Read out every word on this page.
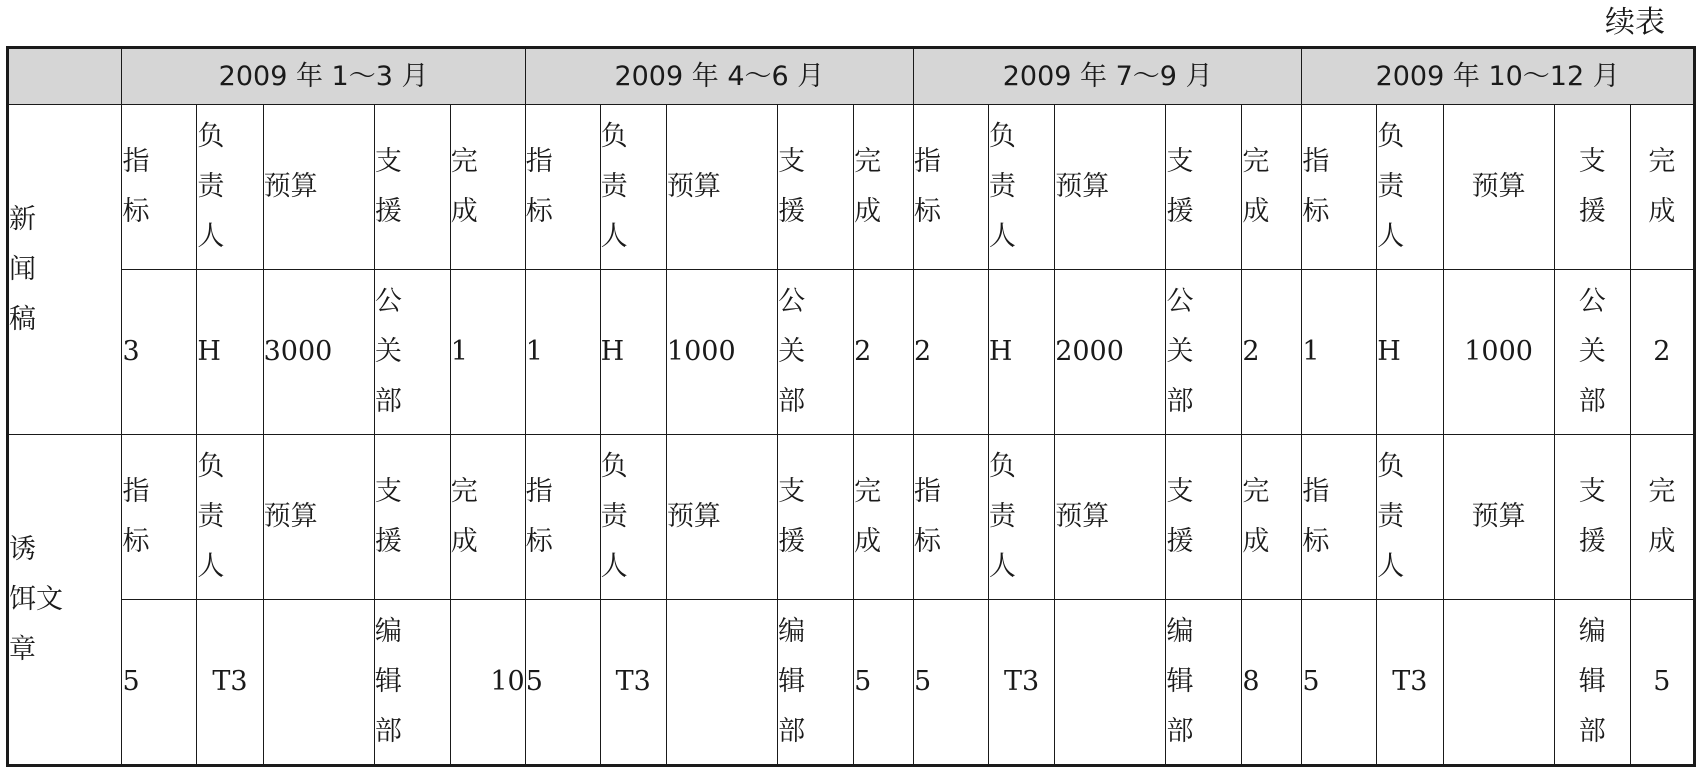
续表
	2009 年 1～3 月					2009 年 4～6 月					2009 年 7～9 月					2009 年 10～12 月				
新闻稿	指标	负责人	预算	支援	完成	指标	负责人	预算	支援	完成	指标	负责人	预算	支援	完成	指标	负责人	预算	支援	完成
	3	H	3000	公关部	1	1	H	1000	公关部	2	2	H	2000	公关部	2	1	H	1000	公关部	2
诱 饵文章	指标	负责人	预算	支援	完成	指标	负责人	预算	支援	完成	指标	负责人	预算	支援	完成	指标	负责人	预算	支援	完成
	5	T3		编辑部	10	5	T3		编辑部	5	5	T3		编辑部	8	5	T3		编辑部	5
